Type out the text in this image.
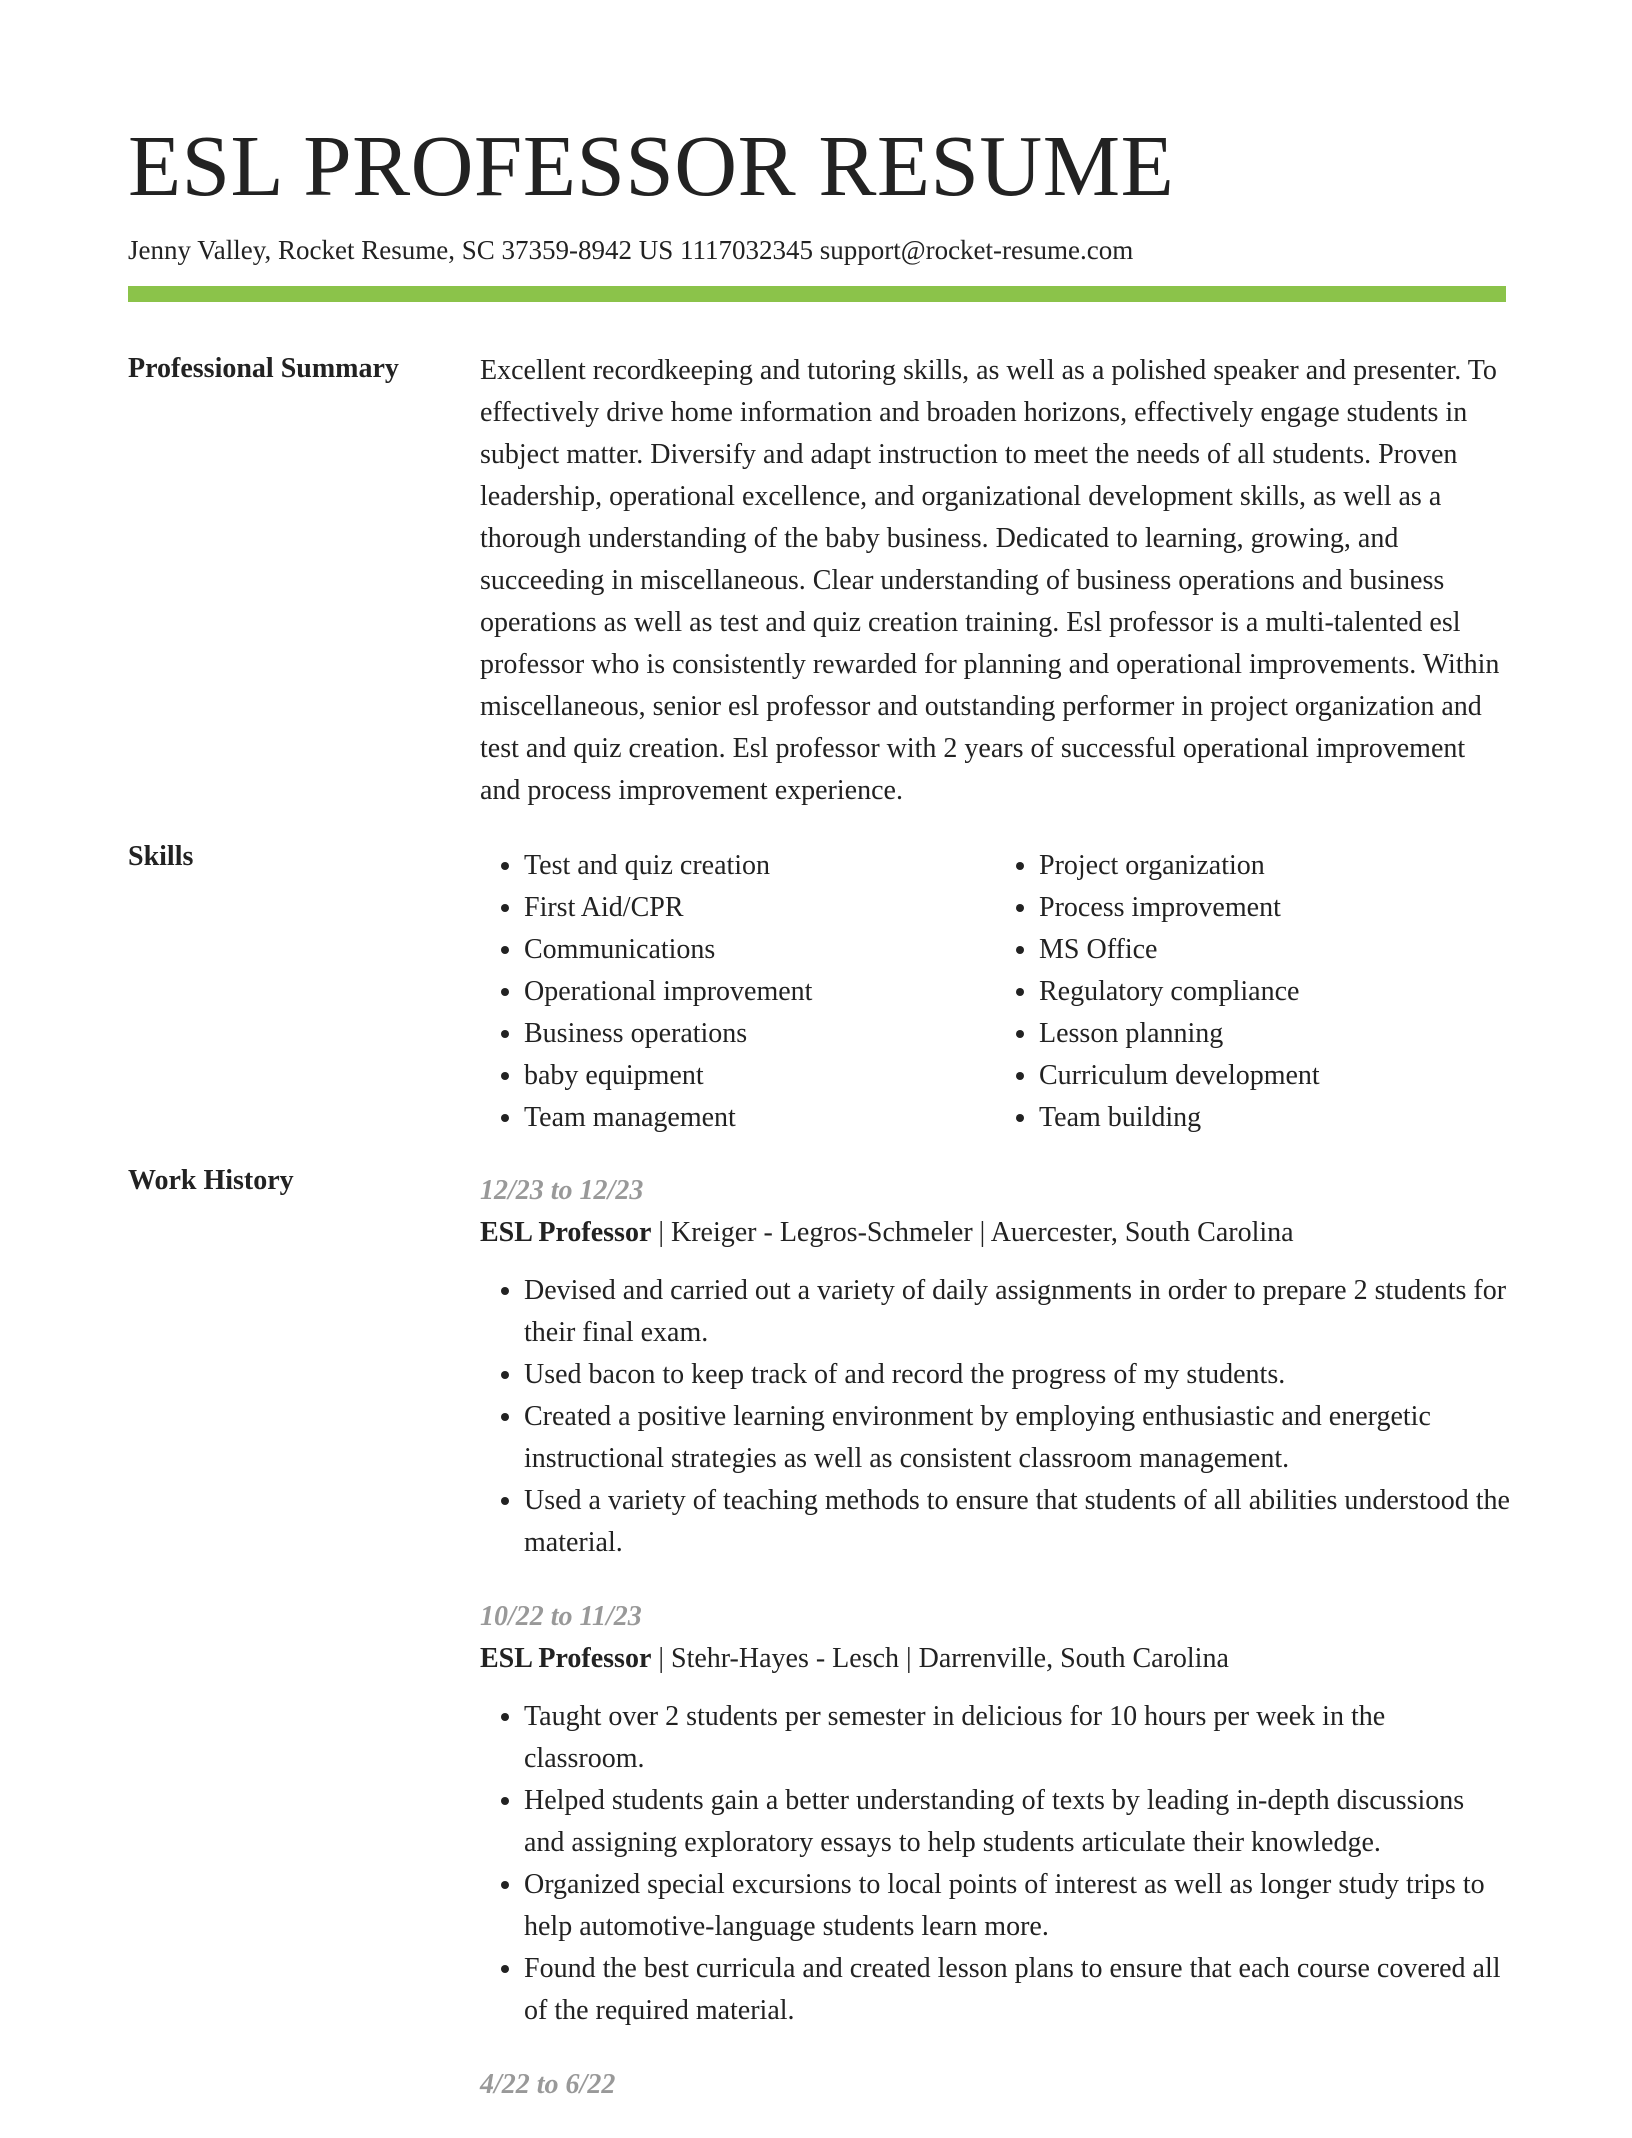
ESL PROFESSOR RESUME

Jenny Valley, Rocket Resume, SC 37359-8942 US 1117032345 support@rocket-resume.com

Professional Summary	Excellent recordkeeping and tutoring skills, as well as a polished speaker and presenter. To effectively drive home information and broaden horizons, effectively engage students in subject matter. Diversify and adapt instruction to meet the needs of all students. Proven leadership, operational excellence, and organizational development skills, as well as a thorough understanding of the baby business. Dedicated to learning, growing, and succeeding in miscellaneous. Clear understanding of business operations and business operations as well as test and quiz creation training. Esl professor is a multi-talented esl professor who is consistently rewarded for planning and operational improvements. Within miscellaneous, senior esl professor and outstanding performer in project organization and test and quiz creation. Esl professor with 2 years of successful operational improvement and process improvement experience.

Skills
•	Test and quiz creation
• First Aid/CPR
• Communications
• Operational improvement
• Business operations
• baby equipment
• Team management
• Project organization
• Process improvement
• MS Office
• Regulatory compliance
• Lesson planning
• Curriculum development
• Team building
Work History	12/23 to 12/23

ESL Professor | Kreiger - Legros-Schmeler | Auercester, South Carolina

• Devised and carried out a variety of daily assignments in order to prepare 2 students for their final exam.
• Used bacon to keep track of and record the progress of my students.
• Created a positive learning environment by employing enthusiastic and energetic instructional strategies as well as consistent classroom management.
• Used a variety of teaching methods to ensure that students of all abilities understood the material.

10/22 to 11/23

ESL Professor | Stehr-Hayes - Lesch | Darrenville, South Carolina

• Taught over 2 students per semester in delicious for 10 hours per week in the classroom.
• Helped students gain a better understanding of texts by leading in-depth discussions and assigning exploratory essays to help students articulate their knowledge.
• Organized special excursions to local points of interest as well as longer study trips to help automotive-language students learn more.
• Found the best curricula and created lesson plans to ensure that each course covered all of the required material.

4/22 to 6/22
